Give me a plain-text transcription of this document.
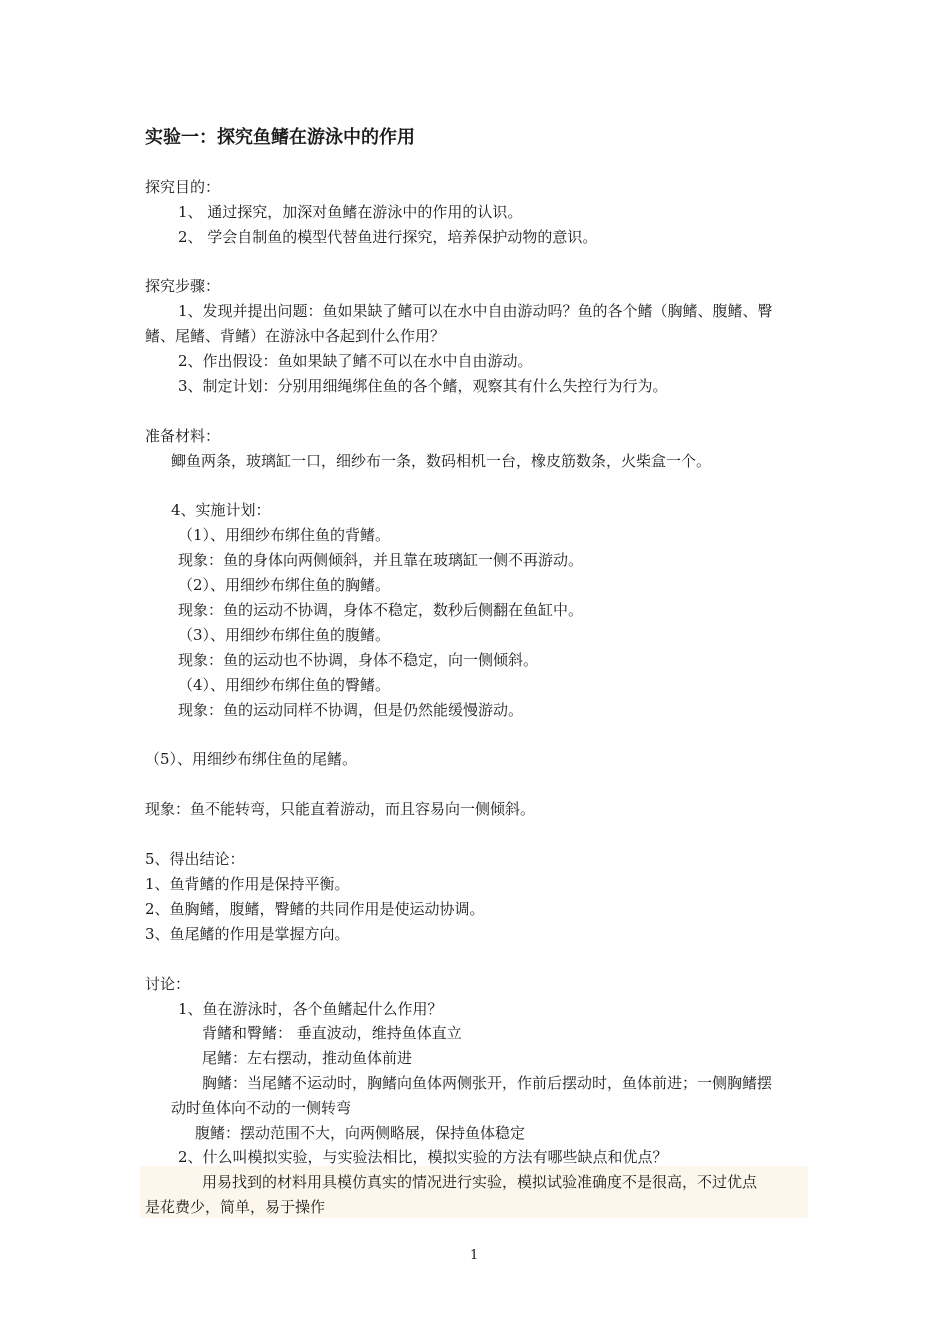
实验一：探究鱼鳍在游泳中的作用
探究目的：
1、 通过探究，加深对鱼鳍在游泳中的作用的认识。
2、 学会自制鱼的模型代替鱼进行探究，培养保护动物的意识。
探究步骤：
1、发现并提出问题：鱼如果缺了鳍可以在水中自由游动吗？鱼的各个鳍（胸鳍、腹鳍、臀
鳍、尾鳍、背鳍）在游泳中各起到什么作用？
2、作出假设：鱼如果缺了鳍不可以在水中自由游动。
3、制定计划：分别用细绳绑住鱼的各个鳍，观察其有什么失控行为行为。
准备材料：
鲫鱼两条，玻璃缸一口，细纱布一条，数码相机一台，橡皮筋数条，火柴盒一个。
4、实施计划：
（1）、用细纱布绑住鱼的背鳍。
现象：鱼的身体向两侧倾斜，并且靠在玻璃缸一侧不再游动。
（2）、用细纱布绑住鱼的胸鳍。
现象：鱼的运动不协调，身体不稳定，数秒后侧翻在鱼缸中。
（3）、用细纱布绑住鱼的腹鳍。
现象：鱼的运动也不协调，身体不稳定，向一侧倾斜。
（4）、用细纱布绑住鱼的臀鳍。
现象：鱼的运动同样不协调，但是仍然能缓慢游动。
（5）、用细纱布绑住鱼的尾鳍。
现象：鱼不能转弯，只能直着游动，而且容易向一侧倾斜。
5、得出结论：
1、鱼背鳍的作用是保持平衡。
2、鱼胸鳍，腹鳍，臀鳍的共同作用是使运动协调。
3、鱼尾鳍的作用是掌握方向。
讨论：
1、鱼在游泳时，各个鱼鳍起什么作用？
背鳍和臀鳍： 垂直波动，维持鱼体直立
尾鳍：左右摆动，推动鱼体前进
胸鳍：当尾鳍不运动时，胸鳍向鱼体两侧张开，作前后摆动时，鱼体前进；一侧胸鳍摆
动时鱼体向不动的一侧转弯
腹鳍：摆动范围不大，向两侧略展，保持鱼体稳定
2、什么叫模拟实验，与实验法相比，模拟实验的方法有哪些缺点和优点？
用易找到的材料用具模仿真实的情况进行实验，模拟试验准确度不是很高，不过优点
是花费少，简单，易于操作
1
